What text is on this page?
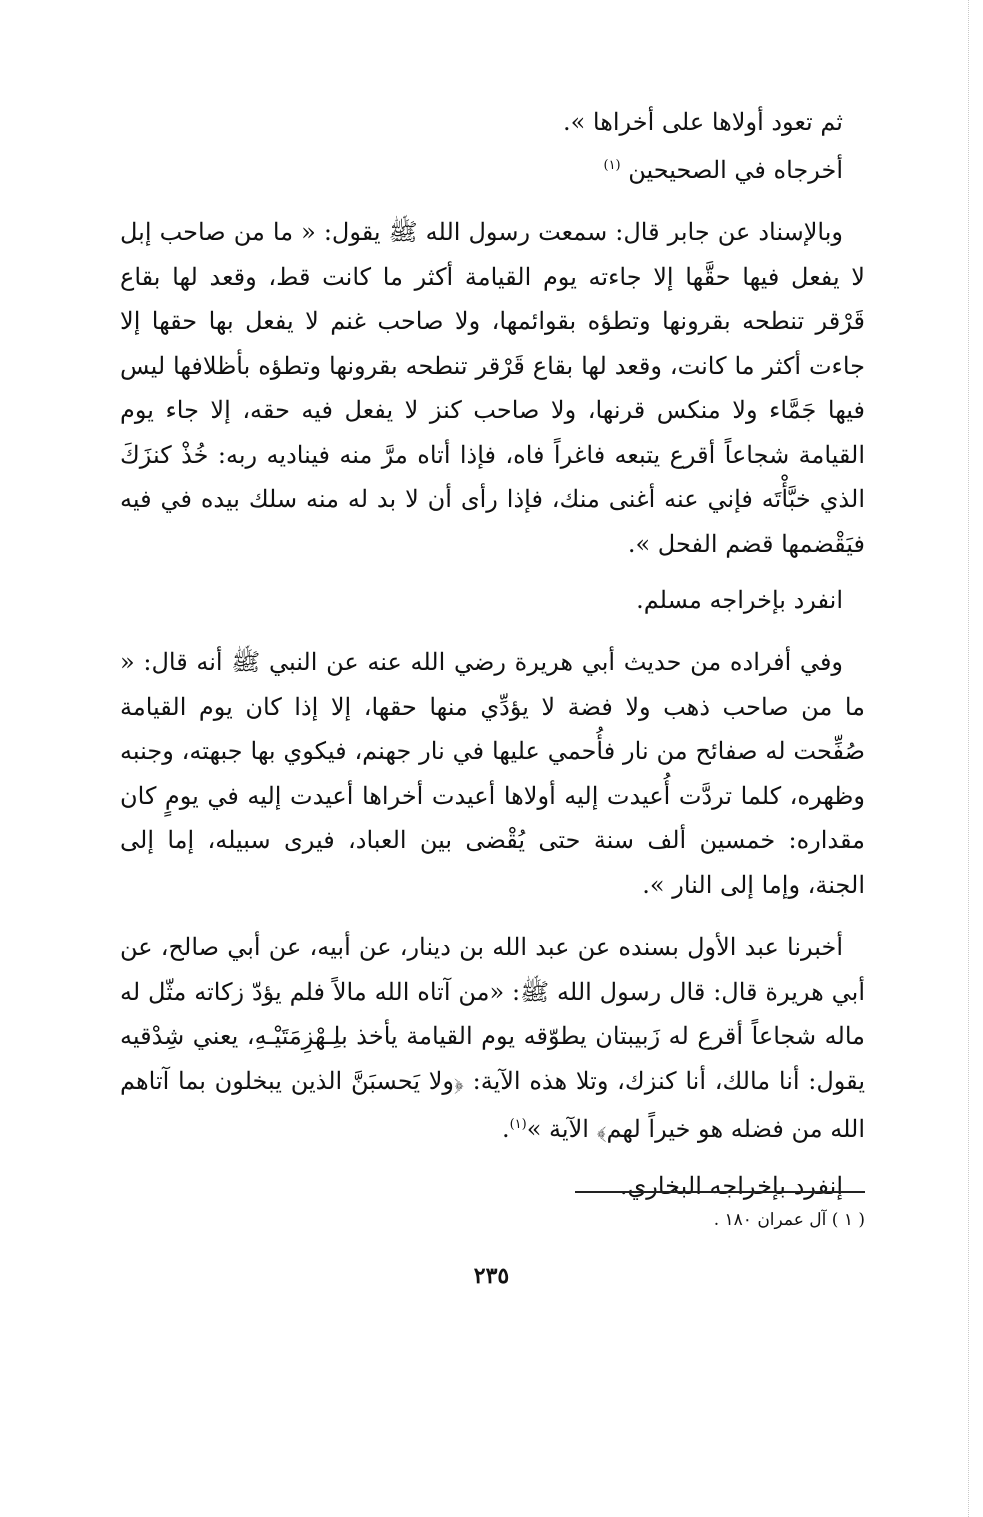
ثم تعود أولاها على أخراها ».

أخرجاه في الصحيحين $^{(١)}$

وبالإسناد عن جابر قال: سمعت رسول الله ﷺ يقول: « ما من صاحب إبل لا يفعل فيها حقَّها إلا جاءته يوم القيامة أكثر ما كانت قط، وقعد لها بقاع قَرْقر تنطحه بقرونها وتطؤه بقوائمها، ولا صاحب غنم لا يفعل بها حقها إلا جاءت أكثر ما كانت، وقعد لها بقاع قَرْقر تنطحه بقرونها وتطؤه بأظلافها ليس فيها جَمَّاء ولا منكس قرنها، ولا صاحب كنز لا يفعل فيه حقه، إلا جاء يوم القيامة شجاعاً أقرع يتبعه فاغراً فاه، فإذا أتاه مرَّ منه فيناديه ربه: خُذْ كنزَكَ الذي خبَّأْتَه فإني عنه أغنى منك، فإذا رأى أن لا بد له منه سلك بيده في فيه فيَقْضمها قضم الفحل ».

انفرد بإخراجه مسلم.

وفي أفراده من حديث أبي هريرة رضي الله عنه عن النبي ﷺ أنه قال: « ما من صاحب ذهب ولا فضة لا يؤدِّي منها حقها، إلا إذا كان يوم القيامة صُفِّحت له صفائح من نار فأُحمي عليها في نار جهنم، فيكوي بها جبهته، وجنبه وظهره، كلما تردَّت أُعيدت إليه أولاها أعيدت أخراها أعيدت إليه في يومٍ كان مقداره: خمسين ألف سنة حتى يُقْضى بين العباد، فيرى سبيله، إما إلى الجنة، وإما إلى النار ».

أخبرنا عبد الأول بسنده عن عبد الله بن دينار، عن أبيه، عن أبي صالح، عن أبي هريرة قال: قال رسول الله ﷺ: «من آتاه الله مالاً فلم يؤدّ زكاته مثّل له ماله شجاعاً أقرع له زَبيبتان يطوّقه يوم القيامة يأخذ بلِـهْزِمَتَيْـهِ، يعني شِدْقيه يقول: أنا مالك، أنا كنزك، وتلا هذه الآية: ﴿ولا يَحسبَنَّ الذين يبخلون بما آتاهم الله من فضله هو خيراً لهم﴾ الآية »$^{(١)}$.

إنفرد بإخراجه البخاري.

( ١ ) آل عمران ١٨٠ .
٢٣٥
